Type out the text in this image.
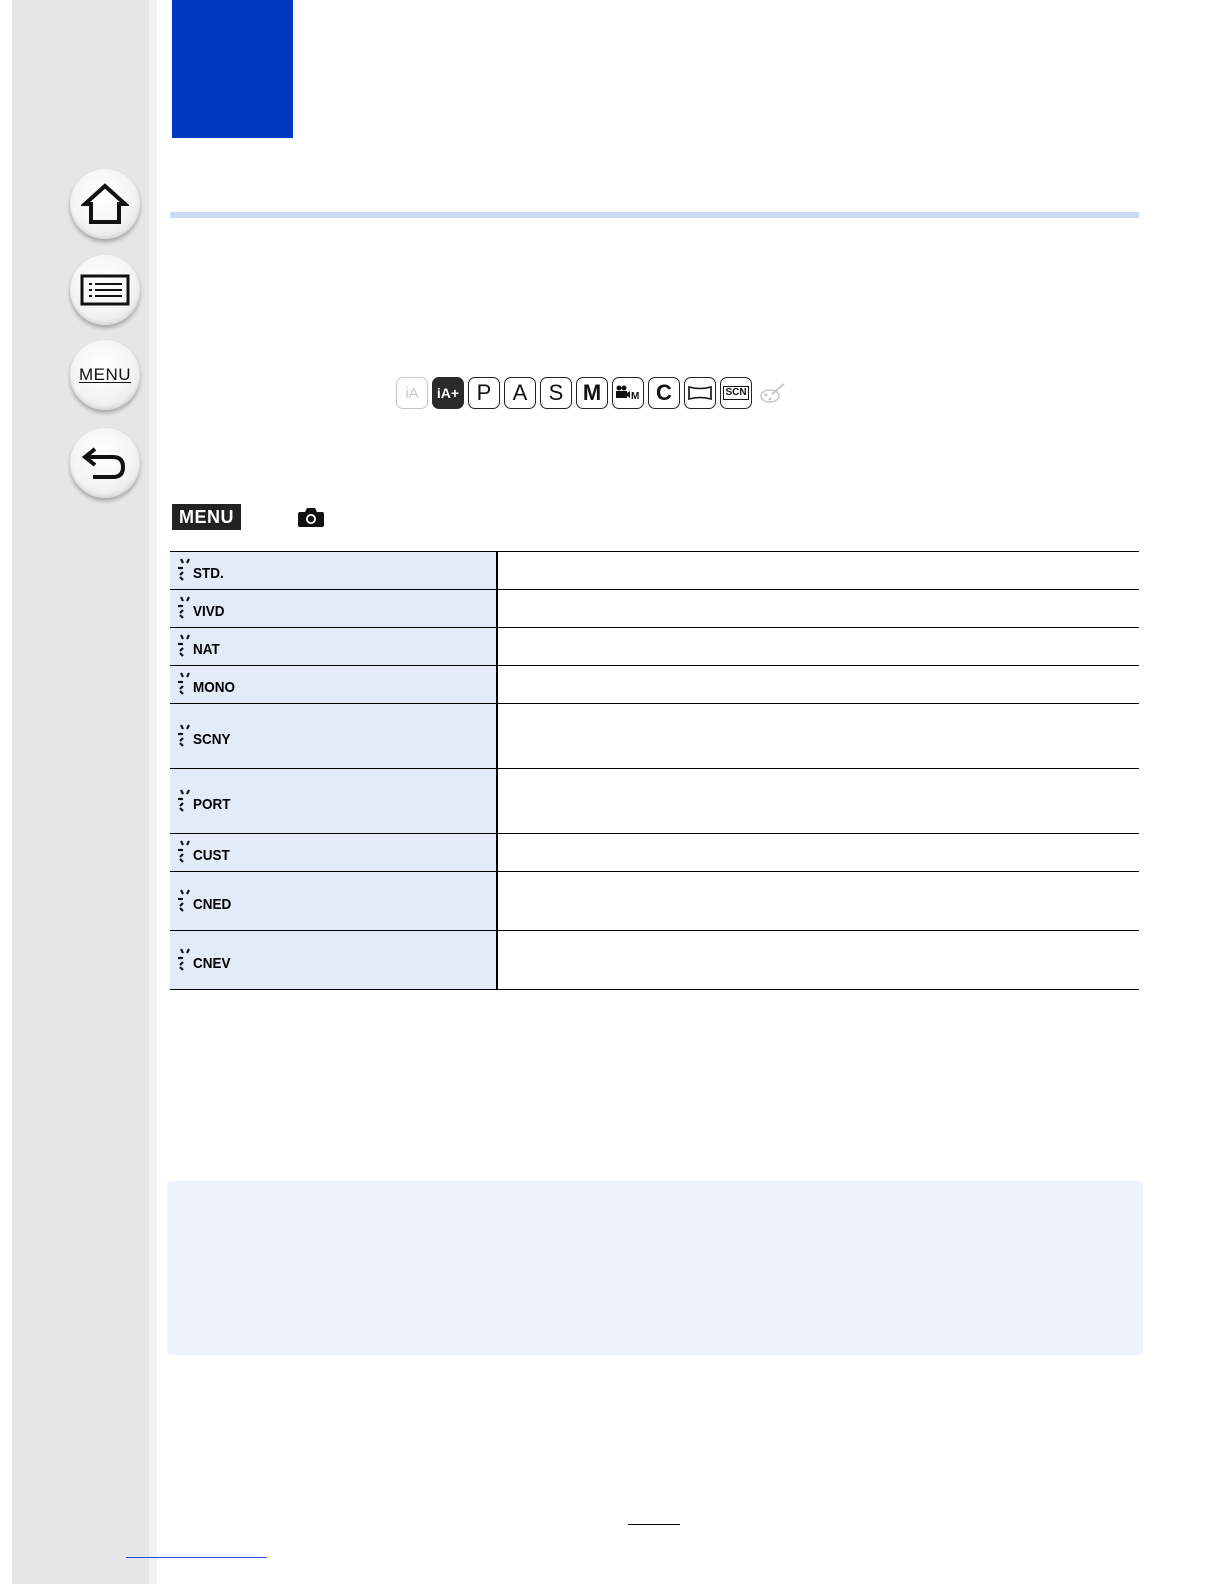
MENU
iA	iA+ P A S M	M C	SCN
MENU
STD.	

VIVD	

NAT	

MONO	

SCNY	

PORT	

CUST	

CNED	

CNEV	
